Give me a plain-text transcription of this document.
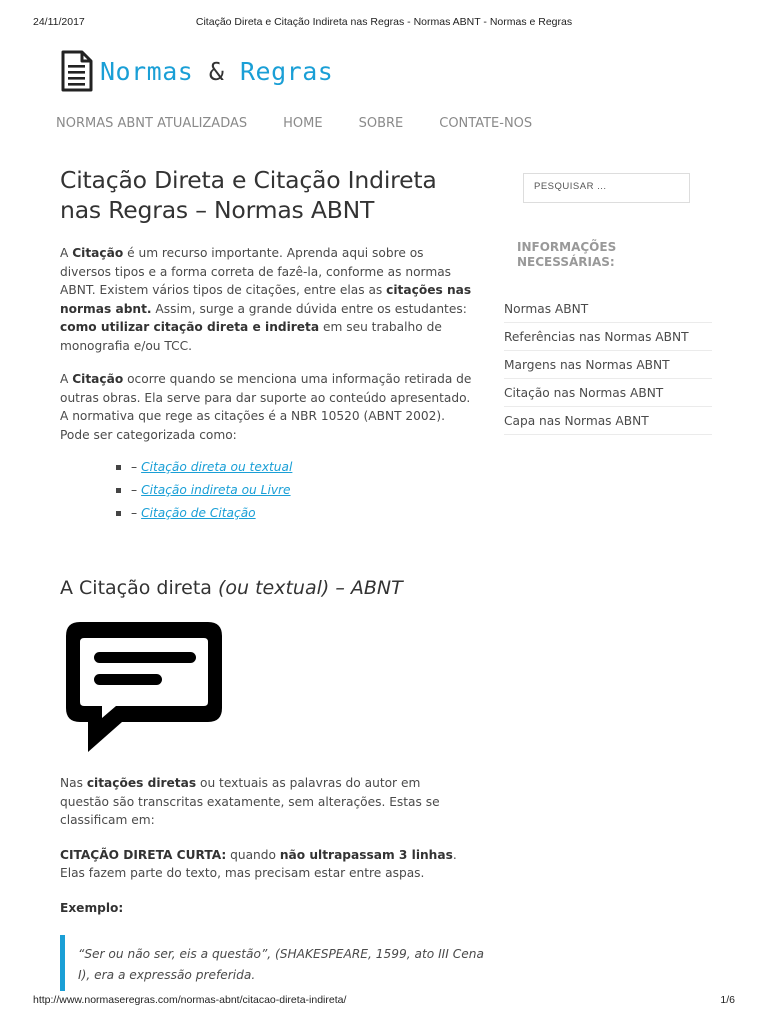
24/11/2017	Citação Direta e Citação Indireta nas Regras - Normas ABNT - Normas e Regras
Normas & Regras
NORMAS ABNT ATUALIZADAS	HOME	SOBRE	CONTATE-NOS
Citação Direta e Citação Indireta
nas Regras – Normas ABNT

A Citação é um recurso importante. Aprenda aqui sobre os diversos tipos e a forma correta de fazê-la, conforme as normas ABNT. Existem vários tipos de citações, entre elas as citações nas normas abnt. Assim, surge a grande dúvida entre os estudantes: como utilizar citação direta e indireta em seu trabalho de monografia e/ou TCC.

A Citação ocorre quando se menciona uma informação retirada de outras obras. Ela serve para dar suporte ao conteúdo apresentado. A normativa que rege as citações é a NBR 10520 (ABNT 2002). Pode ser categorizada como:

– Citação direta ou textual
– Citação indireta ou Livre
– Citação de Citação
A Citação direta (ou textual) – ABNT

Nas citações diretas ou textuais as palavras do autor em questão são transcritas exatamente, sem alterações. Estas se classificam em:

CITAÇÃO DIRETA CURTA: quando não ultrapassam 3 linhas. Elas fazem parte do texto, mas precisam estar entre aspas.

Exemplo:

“Ser ou não ser, eis a questão”, (SHAKESPEARE, 1599, ato III Cena I), era a expressão preferida.
PESQUISAR ...
INFORMAÇÕES
NECESSÁRIAS:
Normas ABNT
Referências nas Normas ABNT
Margens nas Normas ABNT
Citação nas Normas ABNT
Capa nas Normas ABNT
http://www.normaseregras.com/normas-abnt/citacao-direta-indireta/	1/6
